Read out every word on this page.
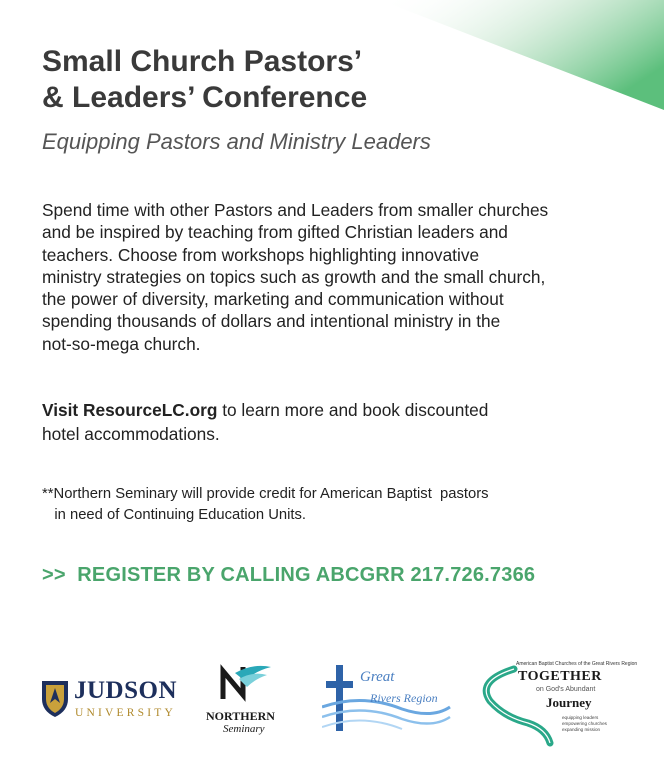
Small Church Pastors’
& Leaders’ Conference

Equipping Pastors and Ministry Leaders

Spend time with other Pastors and Leaders from smaller churches
and be inspired by teaching from gifted Christian leaders and
teachers. Choose from workshops highlighting innovative
ministry strategies on topics such as growth and the small church,
the power of diversity, marketing and communication without
spending thousands of dollars and intentional ministry in the
not-so-mega church.

Visit ResourceLC.org to learn more and book discounted
hotel accommodations.

**Northern Seminary will provide credit for American Baptist  pastors
in need of Continuing Education Units.

>>  REGISTER BY CALLING ABCGRR 217.726.7366

JUDSON
UNIVERSITY	NORTHERN
Seminary
Great
Rivers Region
American Baptist Churches of the Great Rivers Region
TOGETHER
on God's Abundant
Journey
equipping leaders
empowering churches
expanding mission
